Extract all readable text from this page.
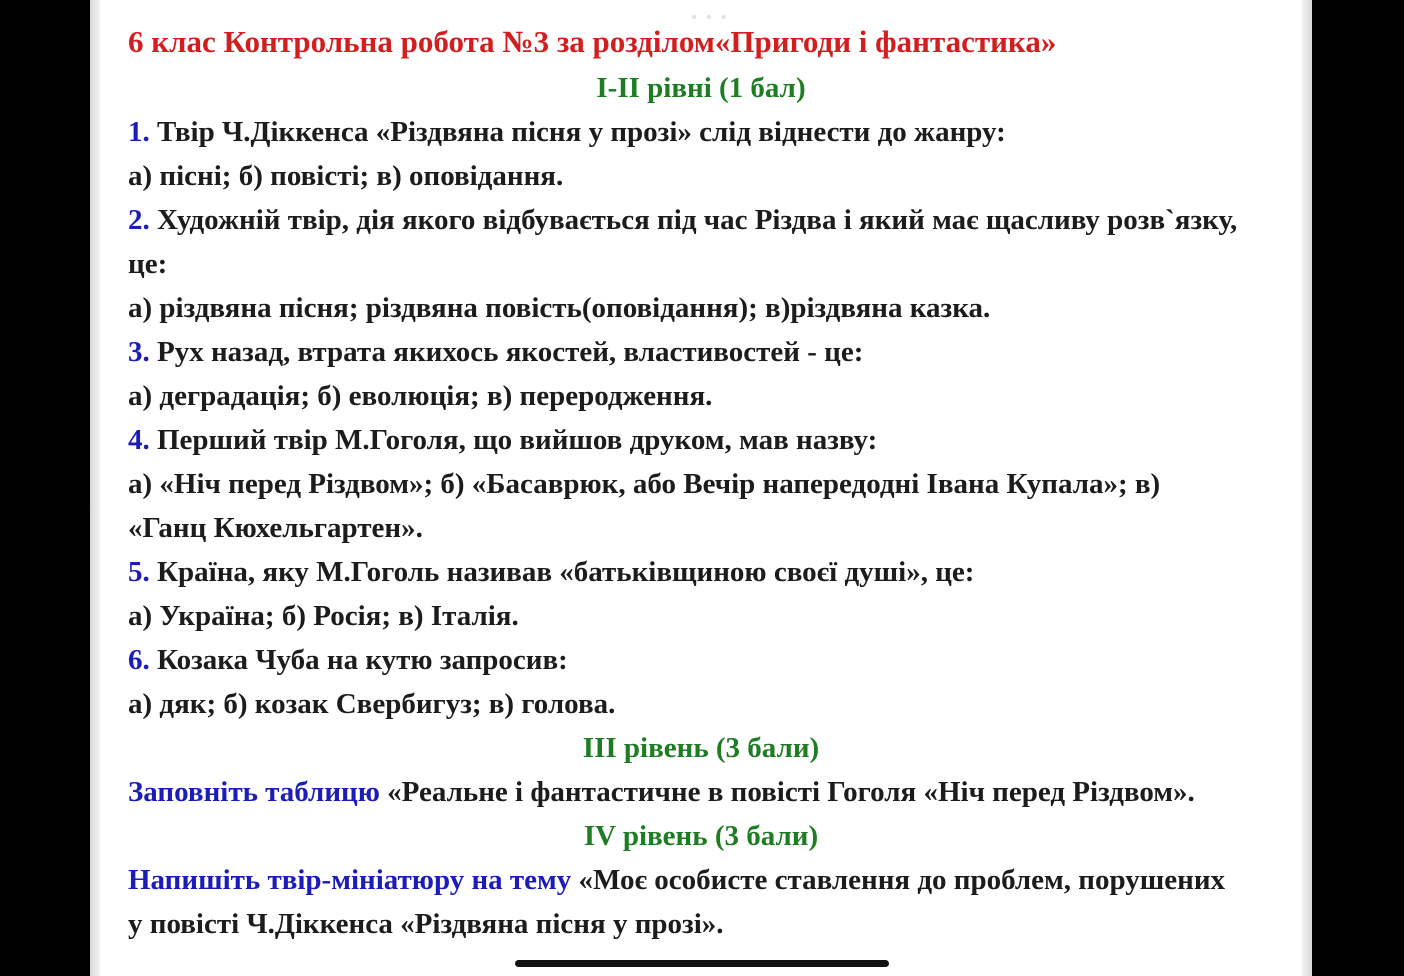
• • •
6 клас Контрольна робота №3 за розділом«Пригоди і фантастика»
І-ІІ рівні (1 бал)
1. Твір Ч.Діккенса «Різдвяна пісня у прозі» слід віднести до жанру:
а) пісні; б) повісті; в) оповідання.
2. Художній твір, дія якого відбувається під час Різдва і який має щасливу розв`язку,
це:
а) різдвяна пісня; різдвяна повість(оповідання); в)різдвяна казка.
3. Рух назад, втрата якихось якостей, властивостей - це:
а) деградація; б) еволюція; в) переродження.
4. Перший твір М.Гоголя, що вийшов друком, мав назву:
а) «Ніч перед Різдвом»; б) «Басаврюк, або Вечір напередодні Івана Купала»; в)
«Ганц Кюхельгартен».
5. Країна, яку М.Гоголь називав «батьківщиною своєї душі», це:
а) Україна; б) Росія; в) Італія.
6. Козака Чуба на кутю запросив:
а) дяк; б) козак Свербигуз; в) голова.
ІІІ рівень (3 бали)
Заповніть таблицю «Реальне і фантастичне в повісті Гоголя «Ніч перед Різдвом».
ІV рівень (3 бали)
Напишіть твір-мініатюру на тему «Моє особисте ставлення до проблем, порушених
у повісті Ч.Діккенса «Різдвяна пісня у прозі».
